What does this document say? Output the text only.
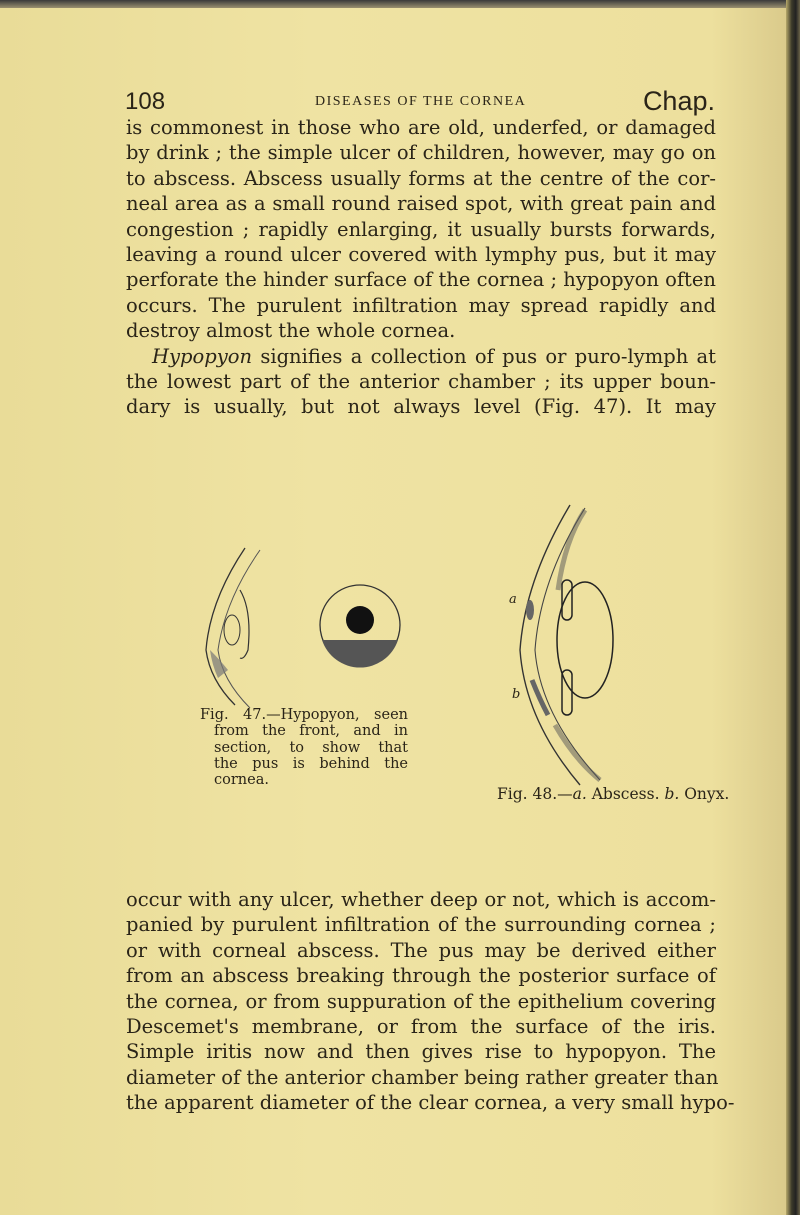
108	DISEASES OF THE CORNEA	Chap.
is commonest in those who are old, underfed, or damaged
by drink ; the simple ulcer of children, however, may go on
to abscess. Abscess usually forms at the centre of the cor-
neal area as a small round raised spot, with great pain and
congestion ; rapidly enlarging, it usually bursts forwards,
leaving a round ulcer covered with lymphy pus, but it may
perforate the hinder surface of the cornea ; hypopyon often
occurs. The purulent infiltration may spread rapidly and
destroy almost the whole cornea.
Hypopyon signifies a collection of pus or puro-lymph at
the lowest part of the anterior chamber ; its upper boun-
dary is usually, but not always level (Fig. 47). It may
a
b
Fig. 47.—Hypopyon, seen
from the front, and in
section, to show that
the pus is behind the
cornea.
Fig. 48.—a. Abscess. b. Onyx.
occur with any ulcer, whether deep or not, which is accom-
panied by purulent infiltration of the surrounding cornea ;
or with corneal abscess. The pus may be derived either
from an abscess breaking through the posterior surface of
the cornea, or from suppuration of the epithelium covering
Descemet's membrane, or from the surface of the iris.
Simple iritis now and then gives rise to hypopyon. The
diameter of the anterior chamber being rather greater than
the apparent diameter of the clear cornea, a very small hypo-
